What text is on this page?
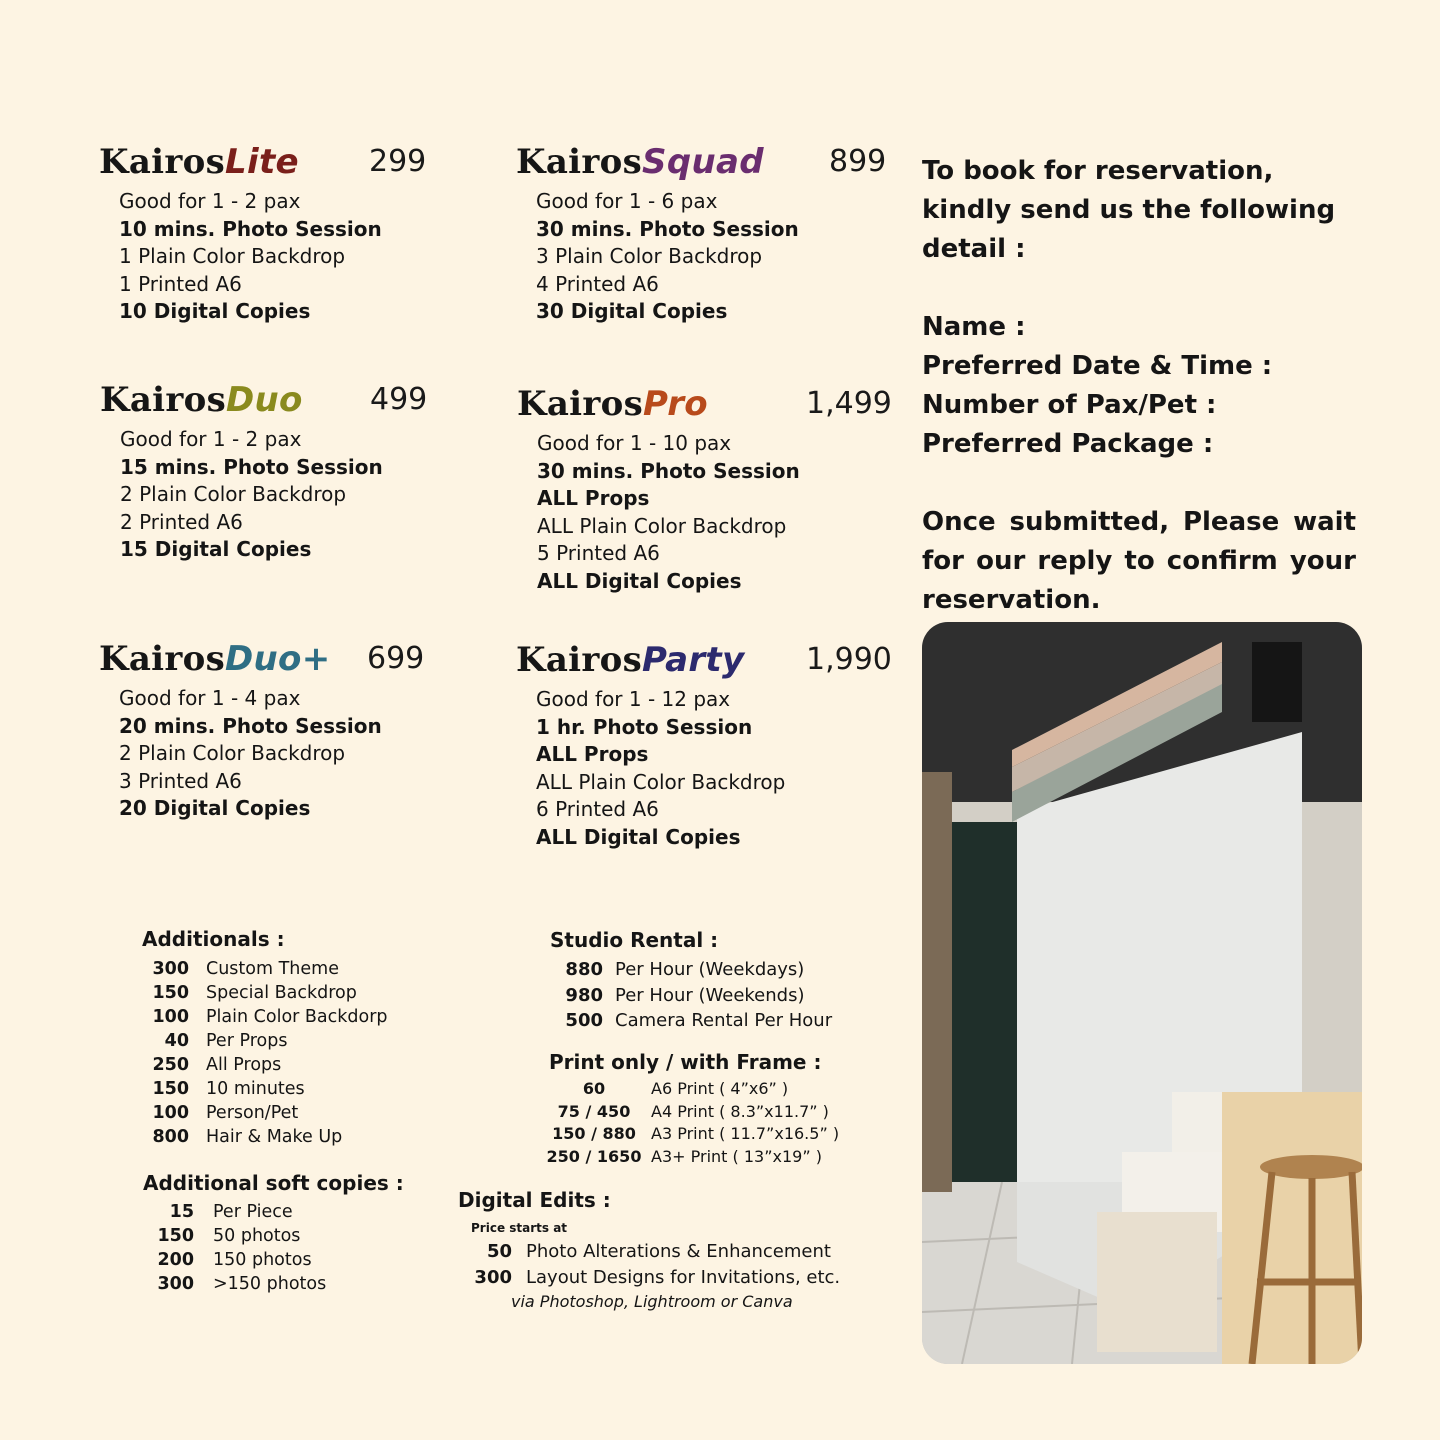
KairosLite	299
Good for 1 - 2 pax
10 mins. Photo Session
1 Plain Color Backdrop
1 Printed A6
10 Digital Copies
KairosSquad	899
Good for 1 - 6 pax
30 mins. Photo Session
3 Plain Color Backdrop
4 Printed A6
30 Digital Copies
KairosDuo	499
Good for 1 - 2 pax
15 mins. Photo Session
2 Plain Color Backdrop
2 Printed A6
15 Digital Copies
KairosPro	1,499
Good for 1 - 10 pax
30 mins. Photo Session
ALL Props
ALL Plain Color Backdrop
5 Printed A6
ALL Digital Copies
KairosDuo+	699
Good for 1 - 4 pax
20 mins. Photo Session
2 Plain Color Backdrop
3 Printed A6
20 Digital Copies
KairosParty	1,990
Good for 1 - 12 pax
1 hr. Photo Session
ALL Props
ALL Plain Color Backdrop
6 Printed A6
ALL Digital Copies

To book for reservation, kindly send us the following detail :

Name :

Preferred Date & Time :

Number of Pax/Pet :

Preferred Package :

Once submitted, Please wait for our reply to confirm your reservation.

Additionals :
300 Custom Theme
150 Special Backdrop
100 Plain Color Backdorp
40 Per Props
250 All Props
150 10 minutes
100 Person/Pet
800 Hair & Make Up
Additional soft copies :
15 Per Piece
150 50 photos
200 150 photos
300 >150 photos
Studio Rental :
880 Per Hour (Weekdays)
980 Per Hour (Weekends)
500 Camera Rental Per Hour
Print only / with Frame :
60	A6 Print ( 4”x6” )
75 / 450	A4 Print ( 8.3”x11.7” )
150 / 880 A3 Print ( 11.7”x16.5” )
250 / 1650 A3+ Print ( 13”x19” )
Digital Edits :
Price starts at
50 Photo Alterations & Enhancement
300 Layout Designs for Invitations, etc.
via Photoshop, Lightroom or Canva
